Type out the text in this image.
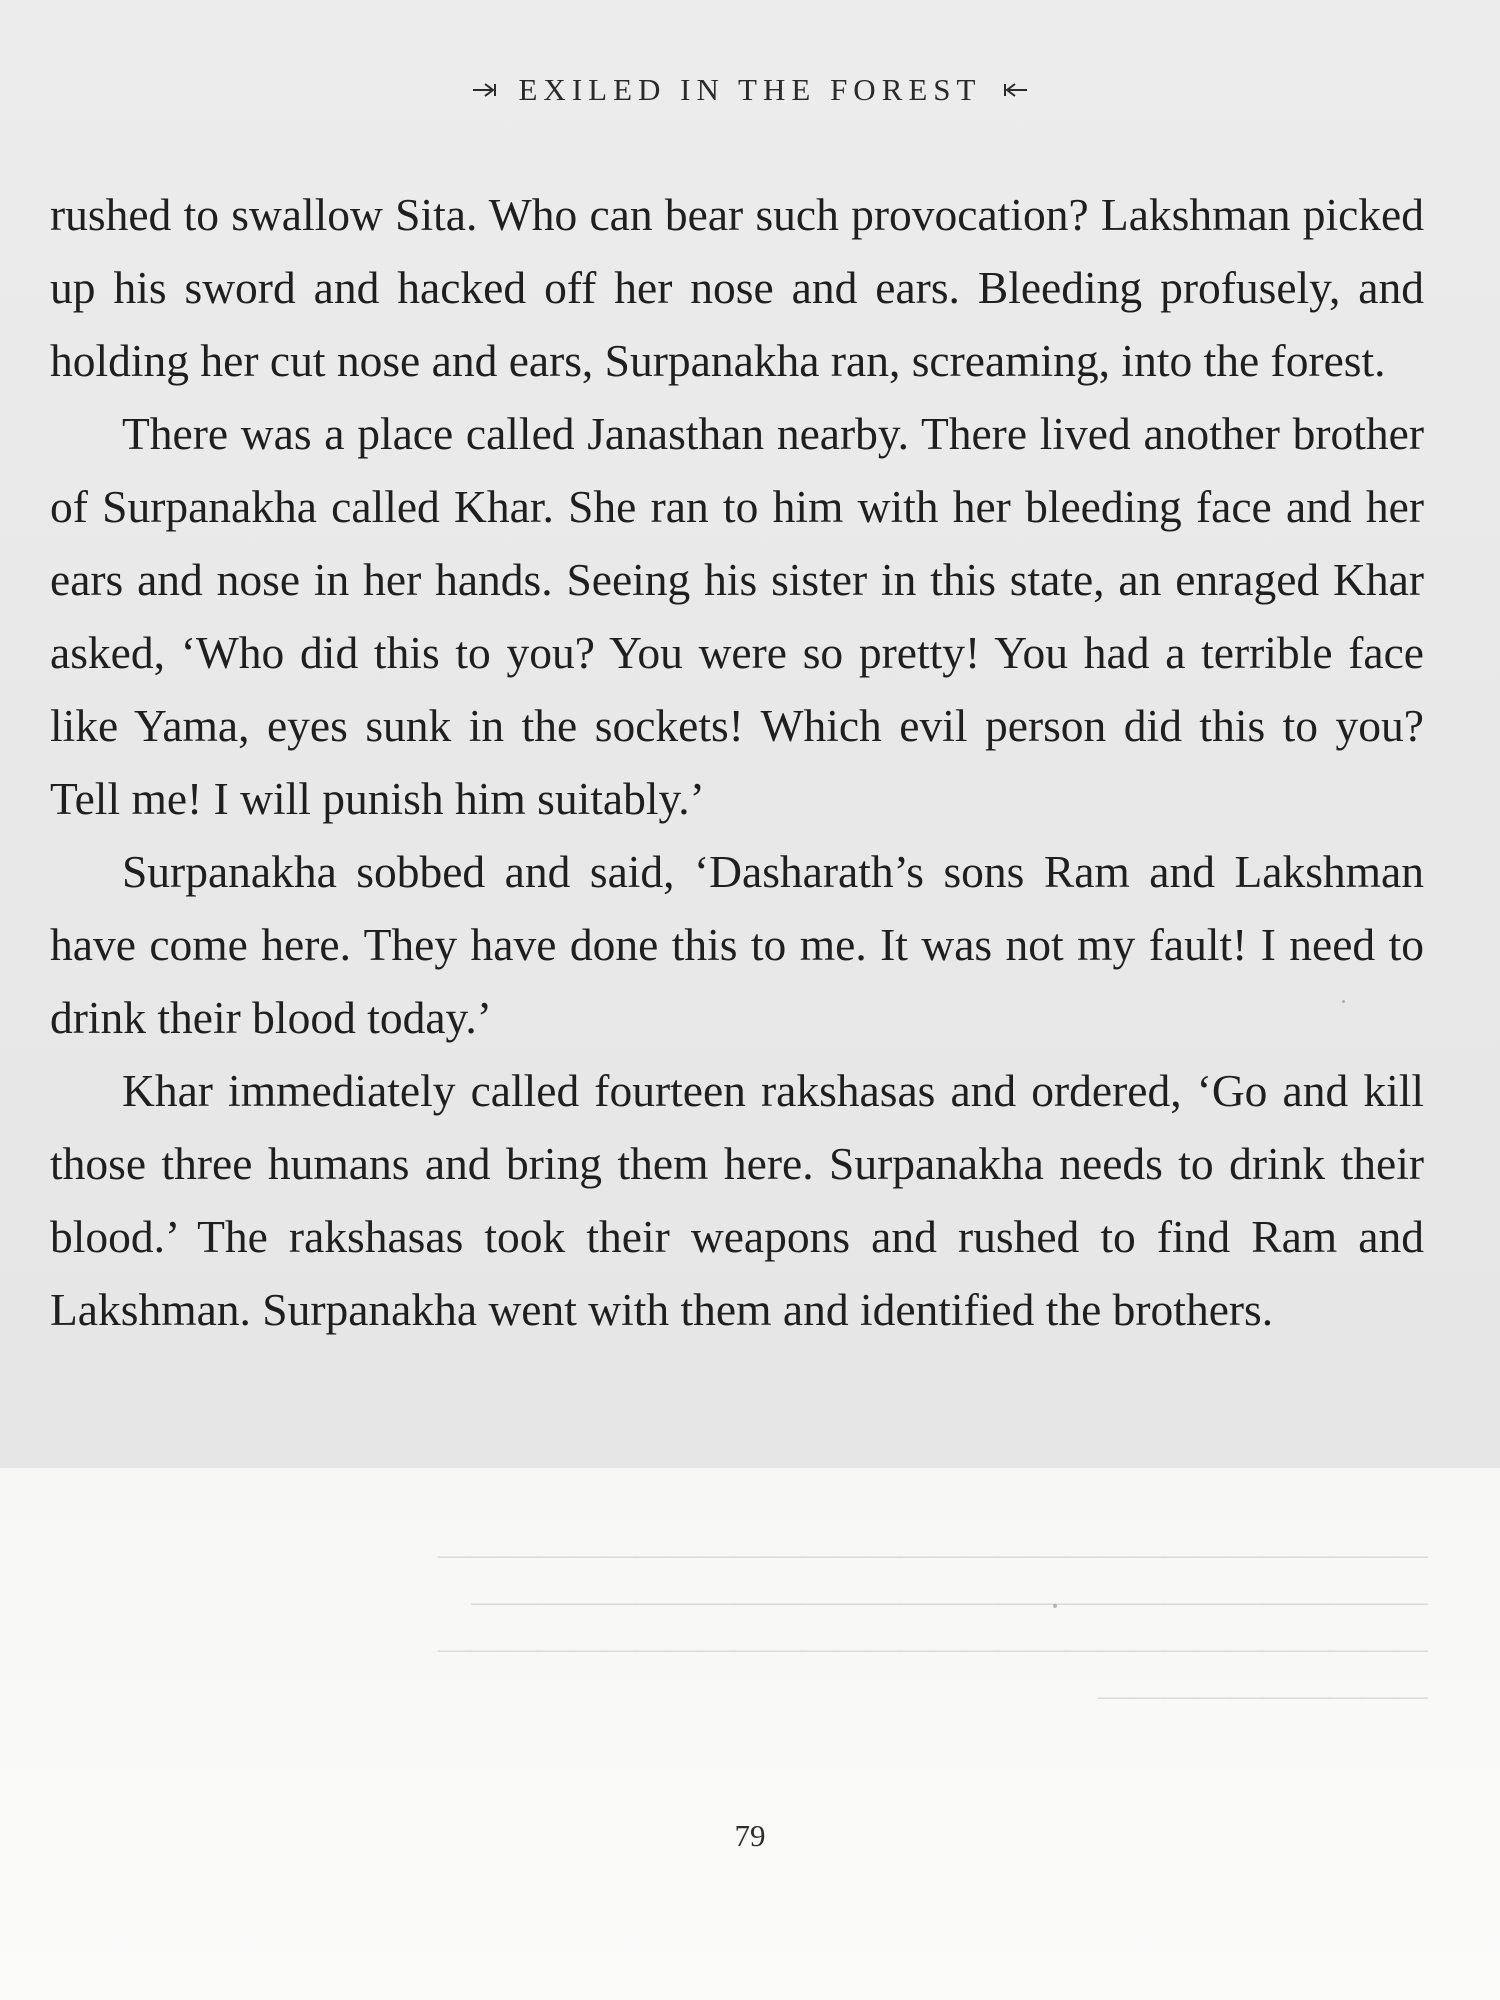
EXILED IN THE FOREST

rushed to swallow Sita. Who can bear such provocation? Lakshman picked up his sword and hacked off her nose and ears. Bleeding profusely, and holding her cut nose and ears, Surpanakha ran, screaming, into the forest.

There was a place called Janasthan nearby. There lived another brother of Surpanakha called Khar. She ran to him with her bleeding face and her ears and nose in her hands. Seeing his sister in this state, an enraged Khar asked, ‘Who did this to you? You were so pretty! You had a terrible face like Yama, eyes sunk in the sockets! Which evil person did this to you? Tell me! I will punish him suitably.’

Surpanakha sobbed and said, ‘Dasharath’s sons Ram and Lakshman have come here. They have done this to me. It was not my fault! I need to drink their blood today.’

Khar immediately called fourteen rakshasas and ordered, ‘Go and kill those three humans and bring them here. Surpanakha needs to drink their blood.’ The rakshasas took their weapons and rushed to find Ram and Lakshman. Surpanakha went with them and identified the brothers.

79
